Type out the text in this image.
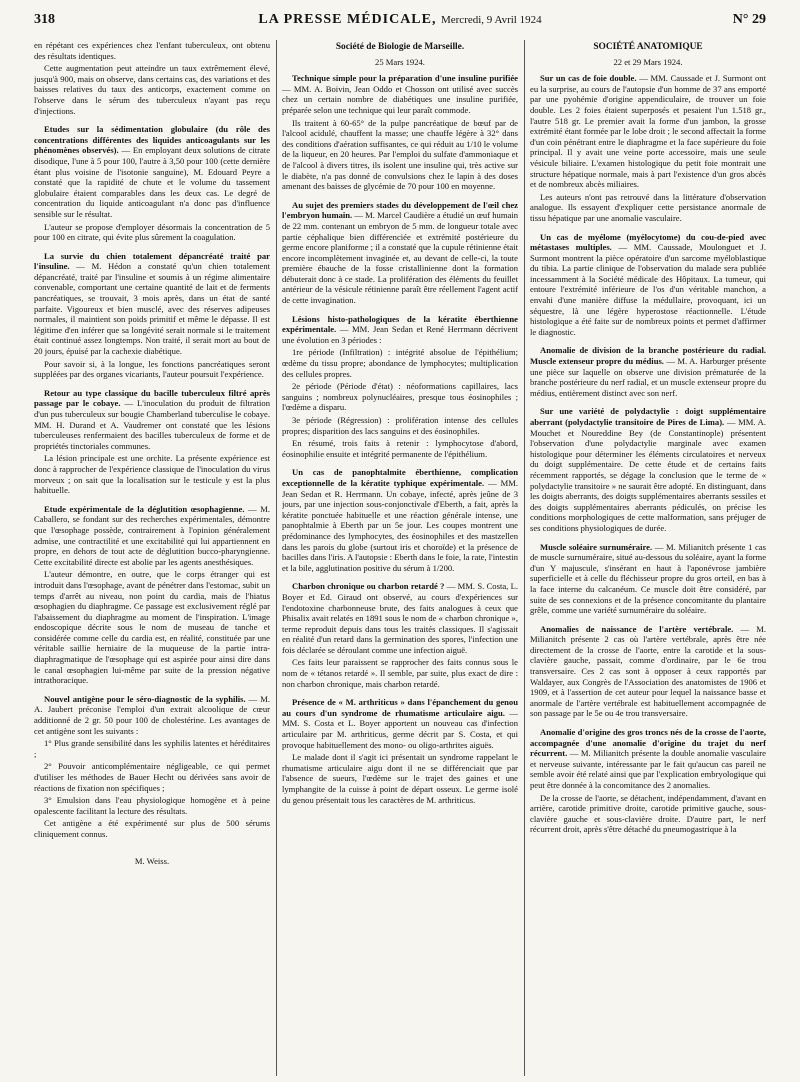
318	LA PRESSE MÉDICALE, Mercredi, 9 Avril 1924	N° 29

en répétant ces expériences chez l'enfant tuberculeux, ont obtenu des résultats identiques.

Cette augmentation peut atteindre un taux extrêmement élevé, jusqu'à 900, mais on observe, dans certains cas, des variations et des baisses relatives du taux des anticorps, exactement comme on l'observe dans le sérum des tuberculeux n'ayant pas reçu d'injections.

Etudes sur la sédimentation globulaire (du rôle des concentrations différentes des liquides anticoagulants sur les phénomènes observés). — En employant deux solutions de citrate disodique, l'une à 5 pour 100, l'autre à 3,50 pour 100 (cette dernière étant plus voisine de l'isotonie sanguine), M. Edouard Peyre a constaté que la rapidité de chute et le volume du tassement globulaire étaient comparables dans les deux cas. Le degré de concentration du liquide anticoagulant n'a donc pas d'influence sensible sur le résultat.

L'auteur se propose d'employer désormais la concentration de 5 pour 100 en citrate, qui évite plus sûrement la coagulation.

La survie du chien totalement dépancréaté traité par l'insuline. — M. Hédon a constaté qu'un chien totalement dépancréaté, traité par l'insuline et soumis à un régime alimentaire convenable, comportant une certaine quantité de lait et de ferments pancréatiques, se trouvait, 3 mois après, dans un état de santé parfaite. Vigoureux et bien musclé, avec des réserves adipeuses normales, il maintient son poids primitif et même le dépasse. Il est légitime d'en inférer que sa longévité serait normale si le traitement était continué assez longtemps. Non traité, il serait mort au bout de 20 jours, épuisé par la cachexie diabétique.

Pour savoir si, à la longue, les fonctions pancréatiques seront suppléées par des organes vicariants, l'auteur poursuit l'expérience.

Retour au type classique du bacille tuberculeux filtré après passage par le cobaye. — L'inoculation du produit de filtration d'un pus tuberculeux sur bougie Chamberland tuberculise le cobaye. MM. H. Durand et A. Vaudremer ont constaté que les lésions tuberculeuses renfermaient des bacilles tuberculeux de forme et de propriétés tinctoriales communes.

La lésion principale est une orchite. La présente expérience est donc à rapprocher de l'expérience classique de l'inoculation du virus morveux ; on sait que la localisation sur le testicule y est la plus habituelle.

Etude expérimentale de la déglutition œsophagienne. — M. Caballero, se fondant sur des recherches expérimentales, démontre que l'œsophage possède, contrairement à l'opinion généralement admise, une contractilité et une excitabilité qui lui appartiennent en propre, en dehors de tout acte de déglutition bucco-pharyngienne. Cette excitabilité directe est abolie par les agents anesthésiques.

L'auteur démontre, en outre, que le corps étranger qui est introduit dans l'œsophage, avant de pénétrer dans l'estomac, subit un temps d'arrêt au niveau, non point du cardia, mais de l'hiatus œsophagien du diaphragme. Ce passage est exclusivement réglé par l'abaissement du diaphragme au moment de l'inspiration. L'image endoscopique décrite sous le nom de museau de tanche et considérée comme celle du cardia est, en réalité, constituée par une véritable saillie herniaire de la muqueuse de la partie intra-diaphragmatique de l'œsophage qui est aspirée pour ainsi dire dans le canal œsophagien lui-même par suite de la pression négative intrathoracique.

Nouvel antigène pour le séro-diagnostic de la syphilis. — M. A. Jaubert préconise l'emploi d'un extrait alcoolique de cœur additionné de 2 gr. 50 pour 100 de cholestérine. Les avantages de cet antigène sont les suivants :

1° Plus grande sensibilité dans les syphilis latentes et héréditaires ;

2° Pouvoir anticomplémentaire négligeable, ce qui permet d'utiliser les méthodes de Bauer Hecht ou dérivées sans avoir de réactions de fixation non spécifiques ;

3° Emulsion dans l'eau physiologique homogène et à peine opalescente facilitant la lecture des résultats.

Cet antigène a été expérimenté sur plus de 500 sérums cliniquement connus.

M. Weiss.

Société de Biologie de Marseille.

25 Mars 1924.

Technique simple pour la préparation d'une insuline purifiée — MM. A. Boivin, Jean Oddo et Chosson ont utilisé avec succès chez un certain nombre de diabétiques une insuline purifiée, préparée selon une technique qui leur paraît commode.

Ils traitent à 60-65° de la pulpe pancréatique de bœuf par de l'alcool acidulé, chauffent la masse; une chauffe légère à 32° dans des conditions d'aération suffisantes, ce qui réduit au 1/10 le volume de la liqueur, en 20 heures. Par l'emploi du sulfate d'ammoniaque et de l'alcool à divers titres, ils isolent une insuline qui, très active sur le diabète, n'a pas donné de convulsions chez le lapin à des doses amenant des baisses de glycémie de 70 pour 100 en moyenne.

Au sujet des premiers stades du développement de l'œil chez l'embryon humain. — M. Marcel Caudière a étudié un œuf humain de 22 mm. contenant un embryon de 5 mm. de longueur totale avec partie céphalique bien différenciée et extrémité postérieure du germe encore planiforme ; il a constaté que la cupule rétinienne était encore incomplètement invaginée et, au devant de celle-ci, la toute première ébauche de la fosse cristallinienne dont la formation débuterait donc à ce stade. La prolifération des éléments du feuillet antérieur de la vésicule rétinienne paraît être réellement l'agent actif de cette invagination.

Lésions histo-pathologiques de la kératite éberthienne expérimentale. — MM. Jean Sedan et René Herrmann décrivent une évolution en 3 périodes :

1re période (Infiltration) : intégrité absolue de l'épithélium; œdème du tissu propre; abondance de lymphocytes; multiplication des cellules propres.

2e période (Période d'état) : néoformations capillaires, lacs sanguins ; nombreux polynucléaires, presque tous éosinophiles ; l'œdème a disparu.

3e période (Régression) : prolifération intense des cellules propres; disparition des lacs sanguins et des éosinophiles.

En résumé, trois faits à retenir : lymphocytose d'abord, éosinophilie ensuite et intégrité permanente de l'épithélium.

Un cas de panophtalmite éberthienne, complication exceptionnelle de la kératite typhique expérimentale. — MM. Jean Sedan et R. Herrmann. Un cobaye, infecté, après jeûne de 3 jours, par une injection sous-conjonctivale d'Eberth, a fait, après la kératite ponctuée habituelle et une réaction générale intense, une panophtalmie à Eberth par un 5e jour. Les coupes montrent une prédominance des lymphocytes, des éosinophiles et des mastzellen dans les parois du globe (surtout iris et choroïde) et la présence de bacilles dans l'iris. A l'autopsie : Eberth dans le foie, la rate, l'intestin et la bile, agglutination positive du sérum à 1/200.

Charbon chronique ou charbon retardé ? — MM. S. Costa, L. Boyer et Ed. Giraud ont observé, au cours d'expériences sur l'endotoxine charbonneuse brute, des faits analogues à ceux que Phisalix avait relatés en 1891 sous le nom de « charbon chronique », terme reproduit depuis dans tous les traités classiques. Il s'agissait en réalité d'un retard dans la germination des spores, l'infection une fois déclarée se déroulant comme une infection aiguë.

Ces faits leur paraissent se rapprocher des faits connus sous le nom de « tétanos retardé ». Il semble, par suite, plus exact de dire : non charbon chronique, mais charbon retardé.

Présence de « M. arthriticus » dans l'épanchement du genou au cours d'un syndrome de rhumatisme articulaire aigu. — MM. S. Costa et L. Boyer apportent un nouveau cas d'infection articulaire par M. arthriticus, germe décrit par S. Costa, et qui provoque habituellement des mono- ou oligo-arthrites aiguës.

Le malade dont il s'agit ici présentait un syndrome rappelant le rhumatisme articulaire aigu dont il ne se différenciait que par l'absence de sueurs, l'œdème sur le trajet des gaines et une lymphangite de la cuisse à point de départ osseux. Le germe isolé du genou présentait tous les caractères de M. arthriticus.

SOCIÉTÉ ANATOMIQUE

22 et 29 Mars 1924.

Sur un cas de foie double. — MM. Caussade et J. Surmont ont eu la surprise, au cours de l'autopsie d'un homme de 37 ans emporté par une pyohémie d'origine appendiculaire, de trouver un foie double. Les 2 foies étaient superposés et pesaient l'un 1.518 gr., l'autre 518 gr. Le premier avait la forme d'un jambon, la grosse extrémité étant formée par le lobe droit ; le second affectait la forme d'un coin pénétrant entre le diaphragme et la face supérieure du foie principal. Il y avait une veine porte accessoire, mais une seule vésicule biliaire. L'examen histologique du petit foie montrait une structure hépatique normale, mais à part l'existence d'un gros abcès et de nombreux abcès miliaires.

Les auteurs n'ont pas retrouvé dans la littérature d'observation analogue. Ils essayent d'expliquer cette persistance anormale de tissu hépatique par une anomalie vasculaire.

Un cas de myélome (myélocytome) du cou-de-pied avec métastases multiples. — MM. Caussade, Moulonguet et J. Surmont montrent la pièce opératoire d'un sarcome myéloblastique du tibia. La partie clinique de l'observation du malade sera publiée incessamment à la Société médicale des Hôpitaux. La tumeur, qui entoure l'extrémité inférieure de l'os d'un véritable manchon, a envahi d'une manière diffuse la médullaire, provoquant, ici un séquestre, là une légère hyperostose réactionnelle. L'étude histologique a été faite sur de nombreux points et permet d'affirmer le diagnostic.

Anomalie de division de la branche postérieure du radial. Muscle extenseur propre du médius. — M. A. Harburger présente une pièce sur laquelle on observe une division prématurée de la branche postérieure du nerf radial, et un muscle extenseur propre du médius, entièrement distinct avec son nerf.

Sur une variété de polydactylie : doigt supplémentaire aberrant (polydactylie transitoire de Pires de Lima). — MM. A. Mouchet et Noureddine Bey (de Constantinople) présentent l'observation d'une polydactylie marginale avec examen histologique pour déterminer les éléments circulatoires et nerveux du doigt supplémentaire. De cette étude et de certains faits récemment rapportés, se dégage la conclusion que le terme de « polydactylie transitoire » ne saurait être adopté. En distinguant, dans les doigts aberrants, des doigts supplémentaires aberrants sessiles et des doigts supplémentaires aberrants pédiculés, on précise les conditions morphologiques de cette malformation, sans préjuger de ses conditions physiologiques de durée.

Muscle soléaire surnuméraire. — M. Milianitch présente 1 cas de muscle surnuméraire, situé au-dessous du soléaire, ayant la forme d'un Y majuscule, s'insérant en haut à l'aponévrose jambière superficielle et à celle du fléchisseur propre du gros orteil, en bas à la face interne du calcanéum. Ce muscle doit être considéré, par suite de ses connexions et de la présence concomitante du plantaire grêle, comme une variété surnuméraire du soléaire.

Anomalies de naissance de l'artère vertébrale. — M. Milianitch présente 2 cas où l'artère vertébrale, après être née directement de la crosse de l'aorte, entre la carotide et la sous-clavière gauche, passait, comme d'ordinaire, par le 6e trou transversaire. Ces 2 cas sont à opposer à ceux rapportés par Waldayer, aux Congrès de l'Association des anatomistes de 1906 et 1909, et à l'assertion de cet auteur pour lequel la naissance basse et anormale de l'artère vertébrale est habituellement accompagnée de son passage par le 5e ou 4e trou transversaire.

Anomalie d'origine des gros troncs nés de la crosse de l'aorte, accompagnée d'une anomalie d'origine du trajet du nerf récurrent. — M. Milianitch présente la double anomalie vasculaire et nerveuse suivante, intéressante par le fait qu'aucun cas pareil ne semble avoir été relaté ainsi que par l'explication embryologique qui peut être donnée à la concomitance des 2 anomalies.

De la crosse de l'aorte, se détachent, indépendamment, d'avant en arrière, carotide primitive droite, carotide primitive gauche, sous-clavière gauche et sous-clavière droite. D'autre part, le nerf récurrent droit, après s'être détaché du pneumogastrique à la
